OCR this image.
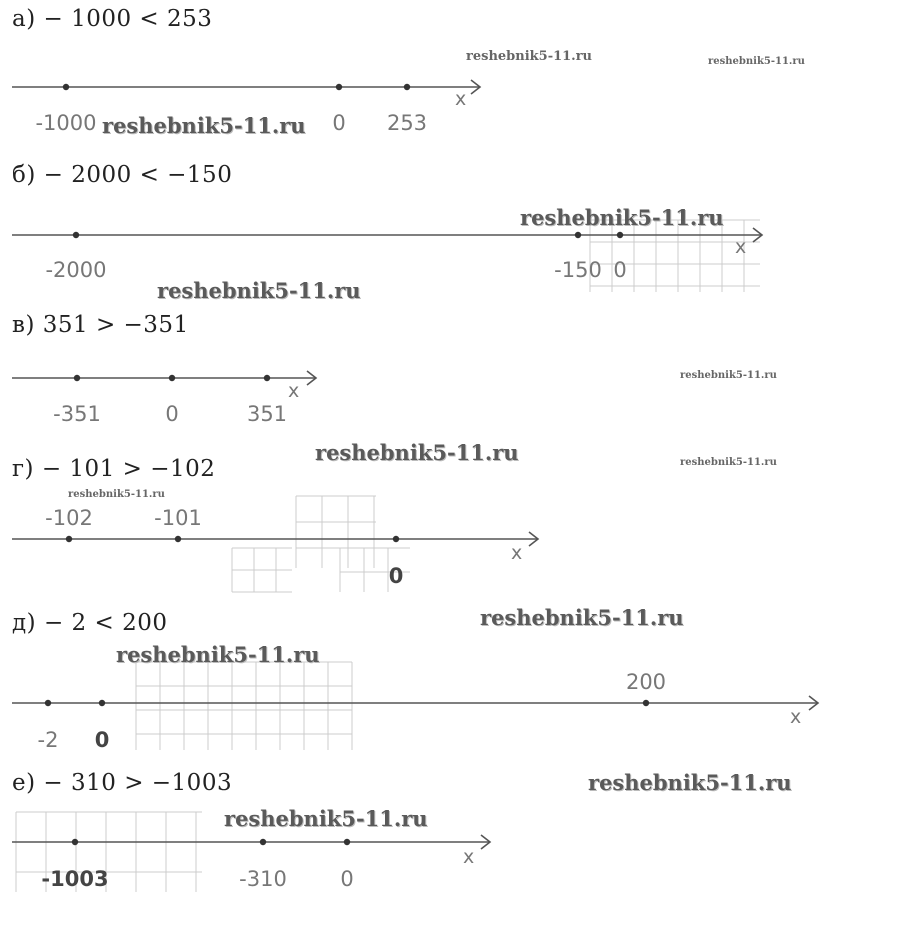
а) − 1000 < 253
б) − 2000 < −150
в) 351 > −351
г) − 101 > −102
д) − 2 < 200
е) − 310 > −1003
-1000	0 253
x
-2000	-150 0
x
-351	0	351
x
-102	-101
0
x
-2 0
200
x
-1003	-310	0
x
reshebnik5-11.ru	reshebnik5-11.ru
reshebnik5-11.ru
reshebnik5-11.ru
reshebnik5-11.ru
reshebnik5-11.ru
reshebnik5-11.ru	reshebnik5-11.ru
reshebnik5-11.ru
reshebnik5-11.ru
reshebnik5-11.ru
reshebnik5-11.ru
reshebnik5-11.ru
